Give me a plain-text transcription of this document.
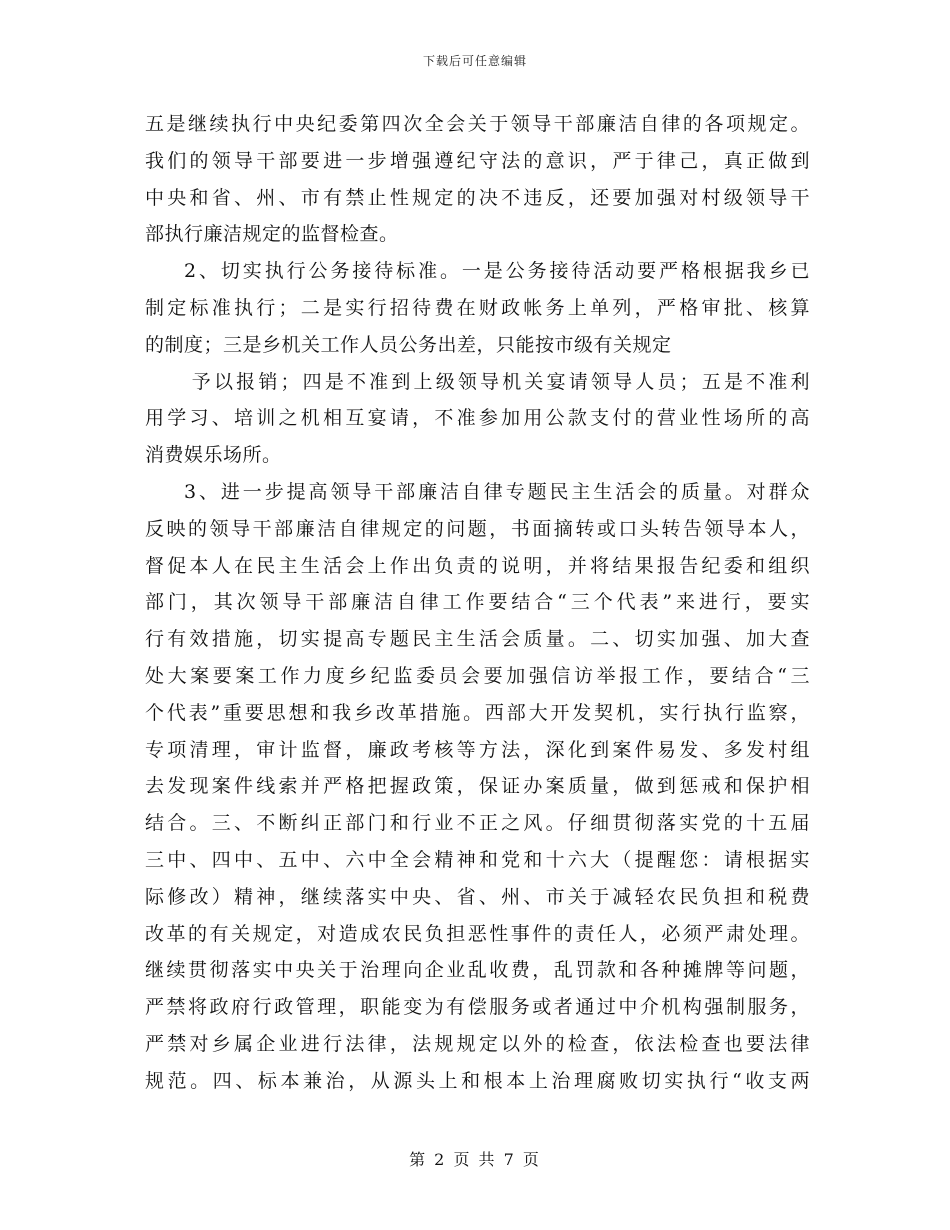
下载后可任意编辑
五是继续执行中央纪委第四次全会关于领导干部廉洁自律的各项规定。
我们的领导干部要进一步增强遵纪守法的意识，严于律己，真正做到
中央和省、州、市有禁止性规定的决不违反，还要加强对村级领导干
部执行廉洁规定的监督检查。
2、切实执行公务接待标准。一是公务接待活动要严格根据我乡已
制定标准执行；二是实行招待费在财政帐务上单列，严格审批、核算
的制度；三是乡机关工作人员公务出差，只能按市级有关规定
予以报销；四是不准到上级领导机关宴请领导人员；五是不准利
用学习、培训之机相互宴请，不准参加用公款支付的营业性场所的高
消费娱乐场所。
3、进一步提高领导干部廉洁自律专题民主生活会的质量。对群众
反映的领导干部廉洁自律规定的问题，书面摘转或口头转告领导本人，
督促本人在民主生活会上作出负责的说明，并将结果报告纪委和组织
部门，其次领导干部廉洁自律工作要结合“三个代表”来进行，要实
行有效措施，切实提高专题民主生活会质量。二、切实加强、加大查
处大案要案工作力度乡纪监委员会要加强信访举报工作，要结合“三
个代表”重要思想和我乡改革措施。西部大开发契机，实行执行监察，
专项清理，审计监督，廉政考核等方法，深化到案件易发、多发村组
去发现案件线索并严格把握政策，保证办案质量，做到惩戒和保护相
结合。三、不断纠正部门和行业不正之风。仔细贯彻落实党的十五届
三中、四中、五中、六中全会精神和党和十六大（提醒您：请根据实
际修改）精神，继续落实中央、省、州、市关于减轻农民负担和税费
改革的有关规定，对造成农民负担恶性事件的责任人，必须严肃处理。
继续贯彻落实中央关于治理向企业乱收费，乱罚款和各种摊牌等问题，
严禁将政府行政管理，职能变为有偿服务或者通过中介机构强制服务，
严禁对乡属企业进行法律，法规规定以外的检查，依法检查也要法律
规范。四、标本兼治，从源头上和根本上治理腐败切实执行“收支两
第 2 页 共 7 页
